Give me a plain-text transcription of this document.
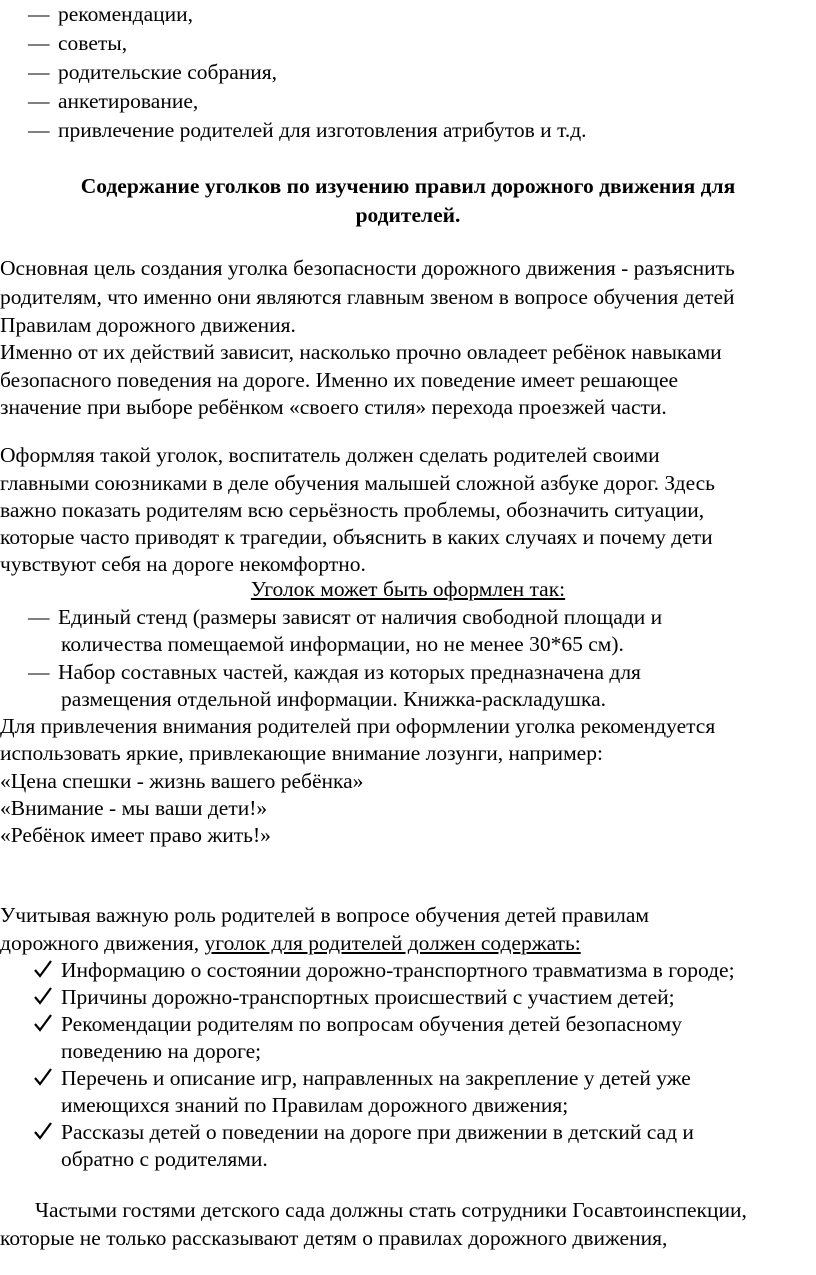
— рекомендации,
— советы,
— родительские собрания,
— анкетирование,
— привлечение родителей для изготовления атрибутов и т.д.
Содержание уголков по изучению правил дорожного движения для
родителей.
Основная цель создания уголка безопасности дорожного движения - разъяснить
родителям, что именно они являются главным звеном в вопросе обучения детей
Правилам дорожного движения.
Именно от их действий зависит, насколько прочно овладеет ребёнок навыками
безопасного поведения на дороге. Именно их поведение имеет решающее
значение при выборе ребёнком «своего стиля» перехода проезжей части.
Оформляя такой уголок, воспитатель должен сделать родителей своими
главными союзниками в деле обучения малышей сложной азбуке дорог. Здесь
важно показать родителям всю серьёзность проблемы, обозначить ситуации,
которые часто приводят к трагедии, объяснить в каких случаях и почему дети
чувствуют себя на дороге некомфортно.
Уголок может быть оформлен так:
— Единый стенд (размеры зависят от наличия свободной площади и
количества помещаемой информации, но не менее 30*65 см).
— Набор составных частей, каждая из которых предназначена для
размещения отдельной информации. Книжка-раскладушка.
Для привлечения внимания родителей при оформлении уголка рекомендуется
использовать яркие, привлекающие внимание лозунги, например:
«Цена спешки - жизнь вашего ребёнка»
«Внимание - мы ваши дети!»
«Ребёнок имеет право жить!»
Учитывая важную роль родителей в вопросе обучения детей правилам
дорожного движения, уголок для родителей должен содержать:
Информацию о состоянии дорожно-транспортного травматизма в городе;
Причины дорожно-транспортных происшествий с участием детей;
Рекомендации родителям по вопросам обучения детей безопасному
поведению на дороге;
Перечень и описание игр, направленных на закрепление у детей уже
имеющихся знаний по Правилам дорожного движения;
Рассказы детей о поведении на дороге при движении в детский сад и
обратно с родителями.
Частыми гостями детского сада должны стать сотрудники Госавтоинспекции,
которые не только рассказывают детям о правилах дорожного движения,
